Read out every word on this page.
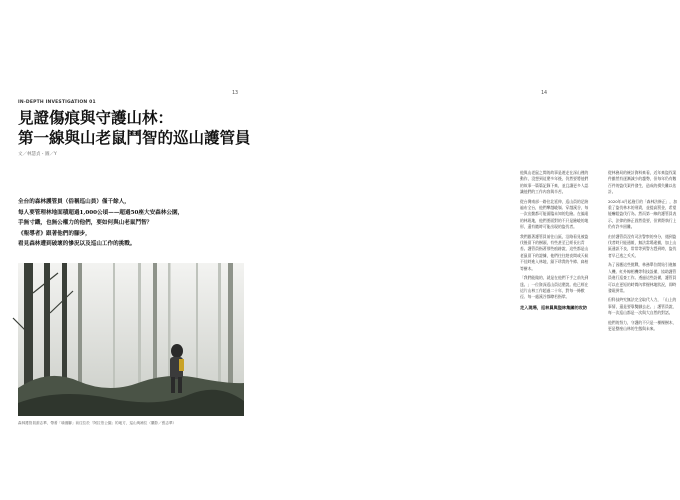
13
IN-DEPTH INVESTIGATION 01
見證傷痕與守護山林：
第一線與山老鼠鬥智的巡山護管員
文／林慧貞・圖／Y
全台的森林護管員（俗稱巡山員）僅千餘人，
每人要管理林地面積超過1,000公頃——超過50座大安森林公園，
手無寸鐵，也無公權力的他們，要如何與山老鼠鬥智？
《報導者》跟著他們的腳步，
看見森林遭到破壞的慘況以及巡山工作的挑戰。
森林護管員游志華，帶著「瑜伽腳」前往位於「阿拉伯公園」的地方，巡山與補位（攝影／張志華）
14

他與山老鼠之間的故事是遊走在深山裡的動作，沒想到這麼多年後，仍然要將他們的故事一篇篇記錄下來，並且讓更多人認識他們的工作內容與辛苦。

從台灣南部一路往北延伸，巡山員的足跡遍布全台，他們攀越峻嶺、穿越溪谷，每一次出勤都可能面臨未知的危險。在偏遠的林班地，他們要面對的不只是險峻的地形，還有隨時可能出現的盜伐者。

我們跟著護管員前往山區，沿路看見被盜伐後留下的樹頭，有些甚至已經長出青苔。護管員指著那些痕跡說，這些都是山老鼠留下的證據，他們往往趁夜間或天候不佳時進入林地，鋸下珍貴的牛樟、扁柏等樹木。

「我們能做的，就是在他們下手之前先到達。」一位資深巡山員這麼說。他已經在這片山林工作超過二十年，對每一條獸徑、每一處溪谷都瞭若指掌。

走入現場，巡林員與盜林集團的攻防

從林務局的統計資料來看，近年來盜伐案件雖然有逐漸減少的趨勢，但每年仍有數百件的盜伐案件發生，造成的損失難以估計。

2020年4月起施行的「森林法修正」，加重了盜伐林木的刑責，並提高罰金，希望能嚇阻盜伐行為。然而第一線的護管員表示，法律的修正固然重要，但實際執行上仍有許多困難。

由於護管員沒有司法警察的身分，遇到盜伐者時只能通報，無法當場逮捕，加上山區通訊不良，常常等到警方趕到時，盜伐者早已逃之夭夭。

為了因應這些挑戰，林務單位開始引進無人機、紅外線相機等科技設備，協助護管員進行巡查工作。透過這些設備，護管員可以在更短的時間內掌握林地狀況，即時發現異常。

但科技終究無法完全取代人力，「山上的事情，還是要靠雙腳去走。」護管員說，每一次巡山都是一次與大自然的對話。

他們的努力，守護的不只是一棵棵樹木，更是整座山林的生態與未來。
